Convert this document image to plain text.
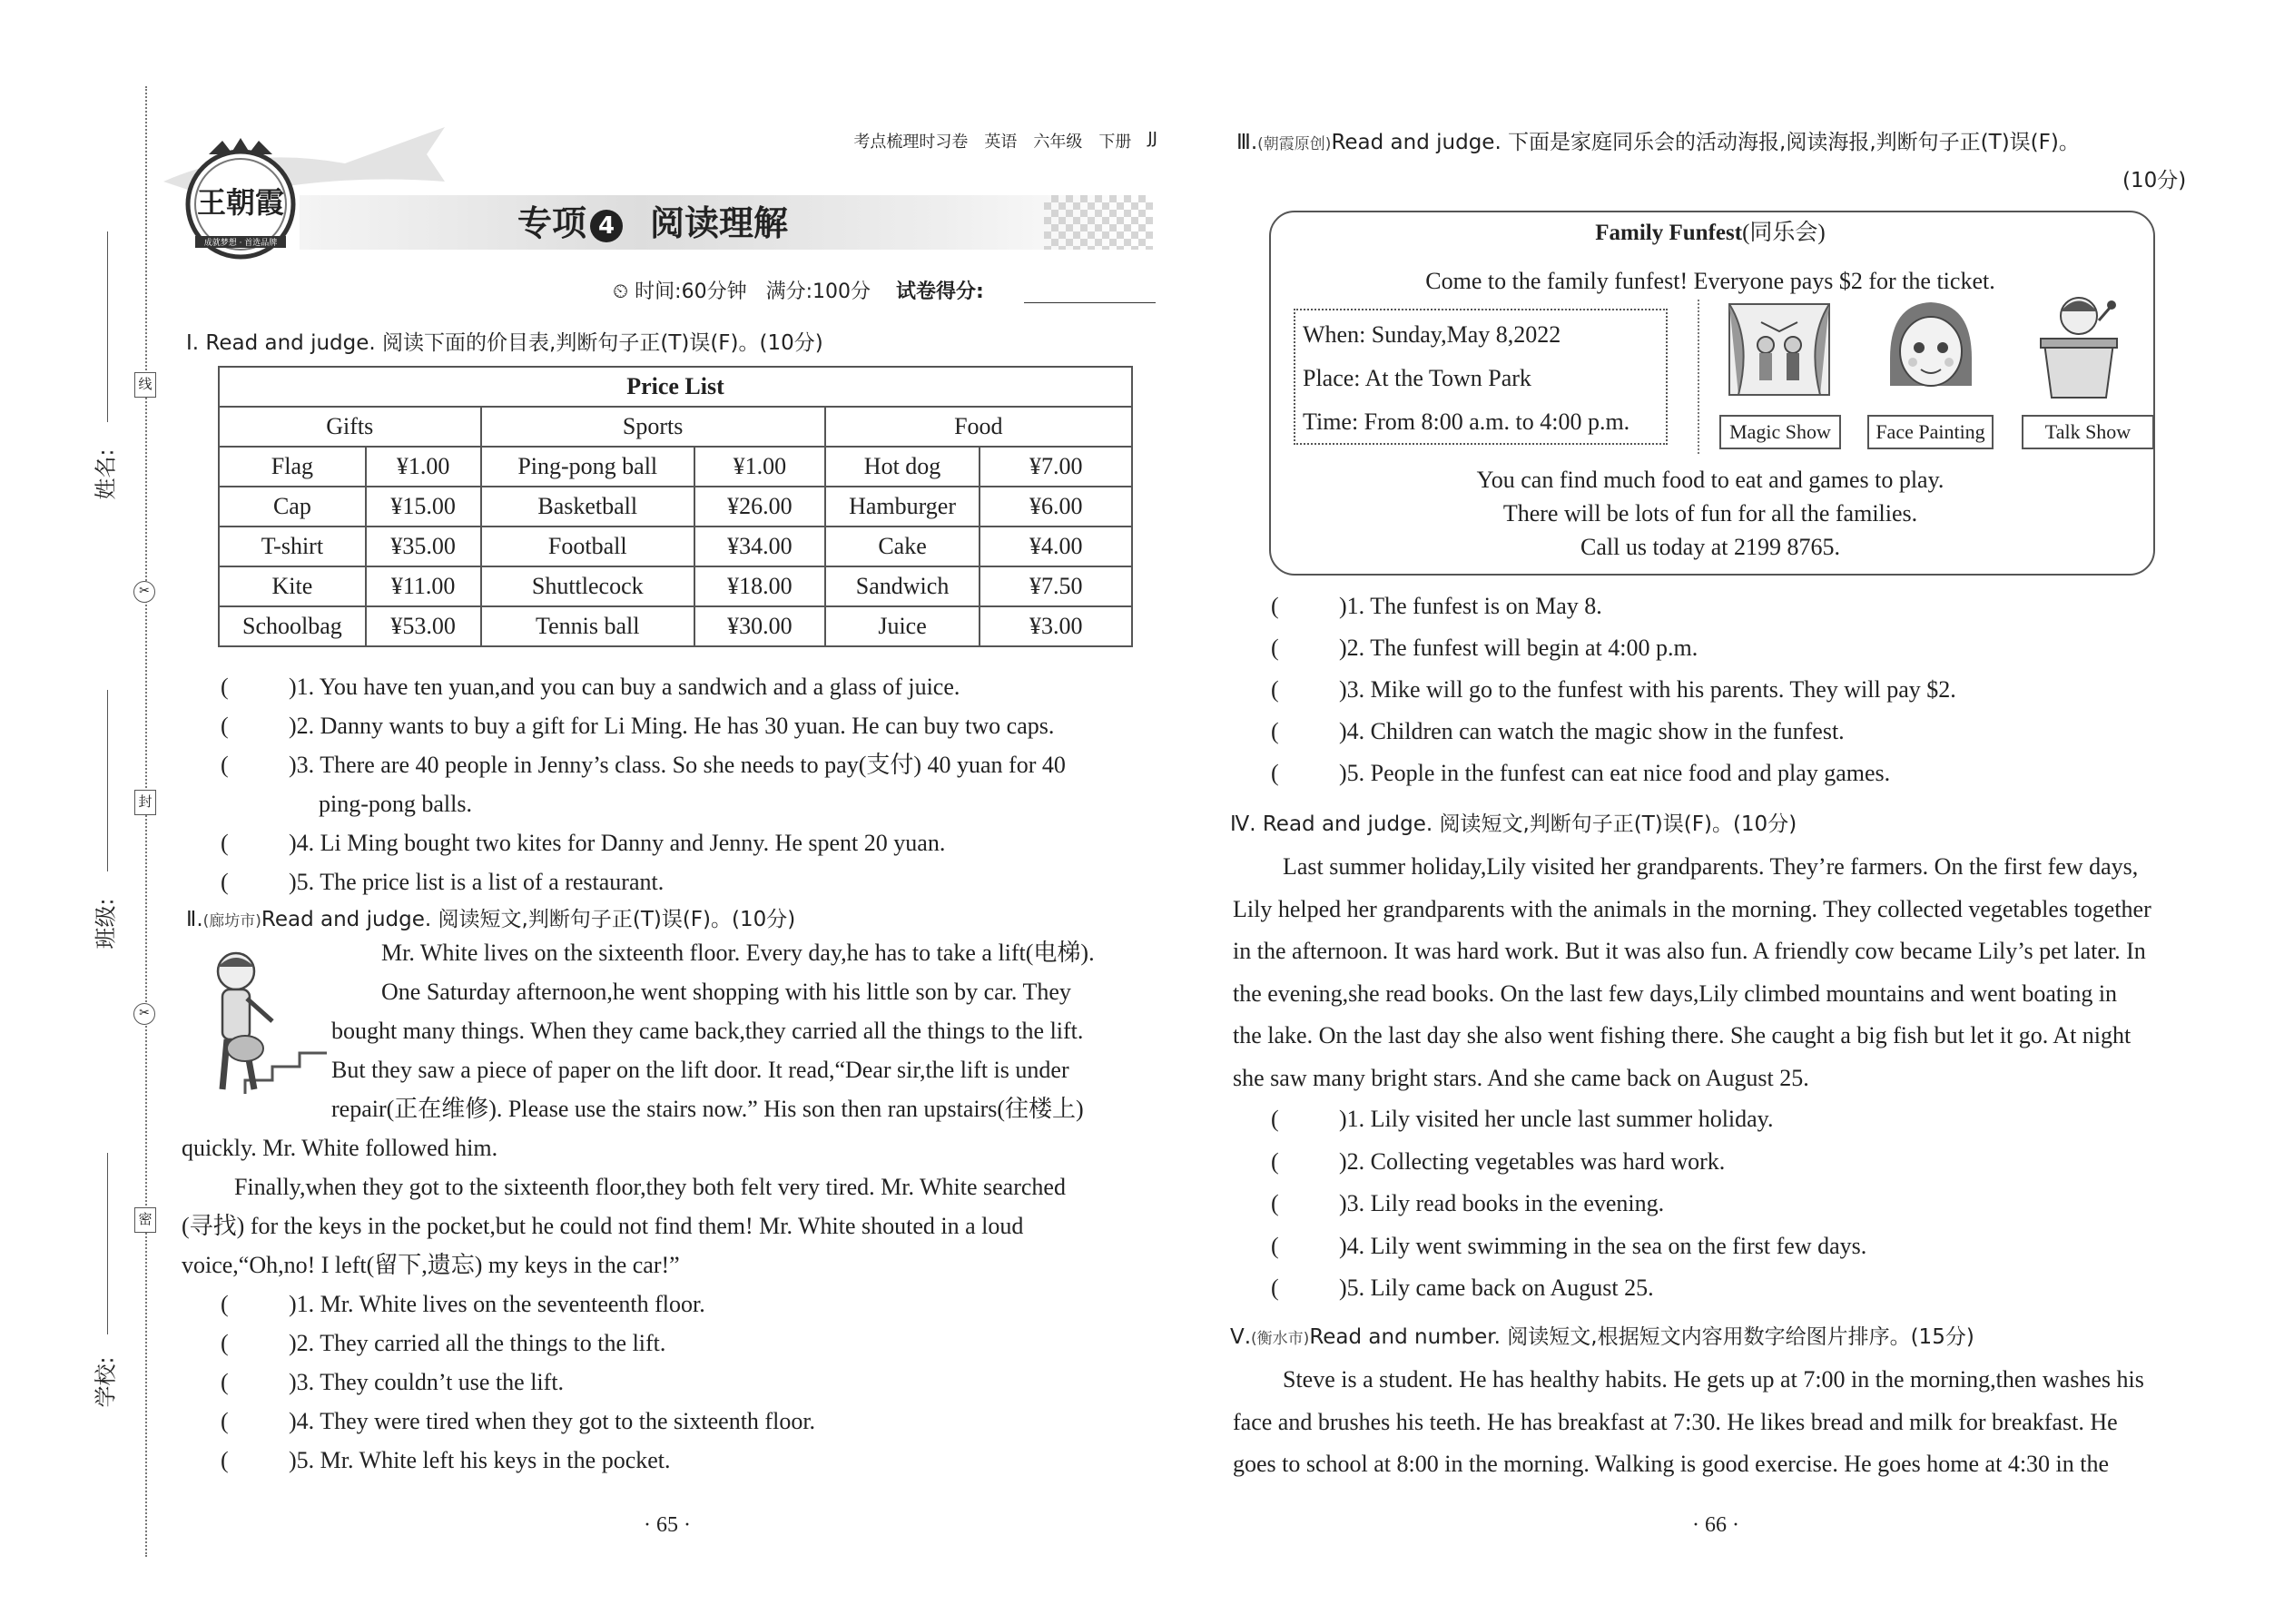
姓名:
班级:
学校:
线
封
密
✂
✂
王朝霞
成就梦想 · 首选品牌
考点梳理时习卷 英语 六年级 下册 JJ
专项 4 阅读理解
⏲ 时间:60分钟 满分:100分 试卷得分:
Ⅰ. Read and judge. 阅读下面的价目表,判断句子正(T)误(F)。(10分)
Price List					
Gifts		Sports		Food	
Flag	¥1.00	Ping-pong ball	¥1.00	Hot dog	¥7.00
Cap	¥15.00	Basketball	¥26.00	Hamburger	¥6.00
T-shirt	¥35.00	Football	¥34.00	Cake	¥4.00
Kite	¥11.00	Shuttlecock	¥18.00	Sandwich	¥7.50
Schoolbag	¥53.00	Tennis ball	¥30.00	Juice	¥3.00
(	)1. You have ten yuan,and you can buy a sandwich and a glass of juice.
(	)2. Danny wants to buy a gift for Li Ming. He has 30 yuan. He can buy two caps.
(	)3. There are 40 people in Jenny’s class. So she needs to pay(支付) 40 yuan for 40
ping-pong balls.
(	)4. Li Ming bought two kites for Danny and Jenny. He spent 20 yuan.
(	)5. The price list is a list of a restaurant.
Ⅱ.(廊坊市)Read and judge. 阅读短文,判断句子正(T)误(F)。(10分)
Mr. White lives on the sixteenth floor. Every day,he has to take a lift(电梯).
One Saturday afternoon,he went shopping with his little son by car. They
bought many things. When they came back,they carried all the things to the lift.
But they saw a piece of paper on the lift door. It read,“Dear sir,the lift is under
repair(正在维修). Please use the stairs now.” His son then ran upstairs(往楼上)
quickly. Mr. White followed him.
Finally,when they got to the sixteenth floor,they both felt very tired. Mr. White searched
(寻找) for the keys in the pocket,but he could not find them! Mr. White shouted in a loud
voice,“Oh,no! I left(留下,遗忘) my keys in the car!”
(	)1. Mr. White lives on the seventeenth floor.
(	)2. They carried all the things to the lift.
(	)3. They couldn’t use the lift.
(	)4. They were tired when they got to the sixteenth floor.
(	)5. Mr. White left his keys in the pocket.
· 65 ·
Ⅲ.(朝霞原创)Read and judge. 下面是家庭同乐会的活动海报,阅读海报,判断句子正(T)误(F)。
(10分)
Family Funfest(同乐会)
Come to the family funfest! Everyone pays $2 for the ticket.
When: Sunday,May 8,2022
Place: At the Town Park
Time: From 8:00 a.m. to 4:00 p.m.	Magic Show	Face Painting	Talk Show
You can find much food to eat and games to play.
There will be lots of fun for all the families.
Call us today at 2199 8765.
(	)1. The funfest is on May 8.
(	)2. The funfest will begin at 4:00 p.m.
(	)3. Mike will go to the funfest with his parents. They will pay $2.
(	)4. Children can watch the magic show in the funfest.
(	)5. People in the funfest can eat nice food and play games.
Ⅳ. Read and judge. 阅读短文,判断句子正(T)误(F)。(10分)
Last summer holiday,Lily visited her grandparents. They’re farmers. On the first few days,
Lily helped her grandparents with the animals in the morning. They collected vegetables together
in the afternoon. It was hard work. But it was also fun. A friendly cow became Lily’s pet later. In
the evening,she read books. On the last few days,Lily climbed mountains and went boating in
the lake. On the last day she also went fishing there. She caught a big fish but let it go. At night
she saw many bright stars. And she came back on August 25.
(	)1. Lily visited her uncle last summer holiday.
(	)2. Collecting vegetables was hard work.
(	)3. Lily read books in the evening.
(	)4. Lily went swimming in the sea on the first few days.
(	)5. Lily came back on August 25.
Ⅴ.(衡水市)Read and number. 阅读短文,根据短文内容用数字给图片排序。(15分)
Steve is a student. He has healthy habits. He gets up at 7:00 in the morning,then washes his
face and brushes his teeth. He has breakfast at 7:30. He likes bread and milk for breakfast. He
goes to school at 8:00 in the morning. Walking is good exercise. He goes home at 4:30 in the
· 66 ·
